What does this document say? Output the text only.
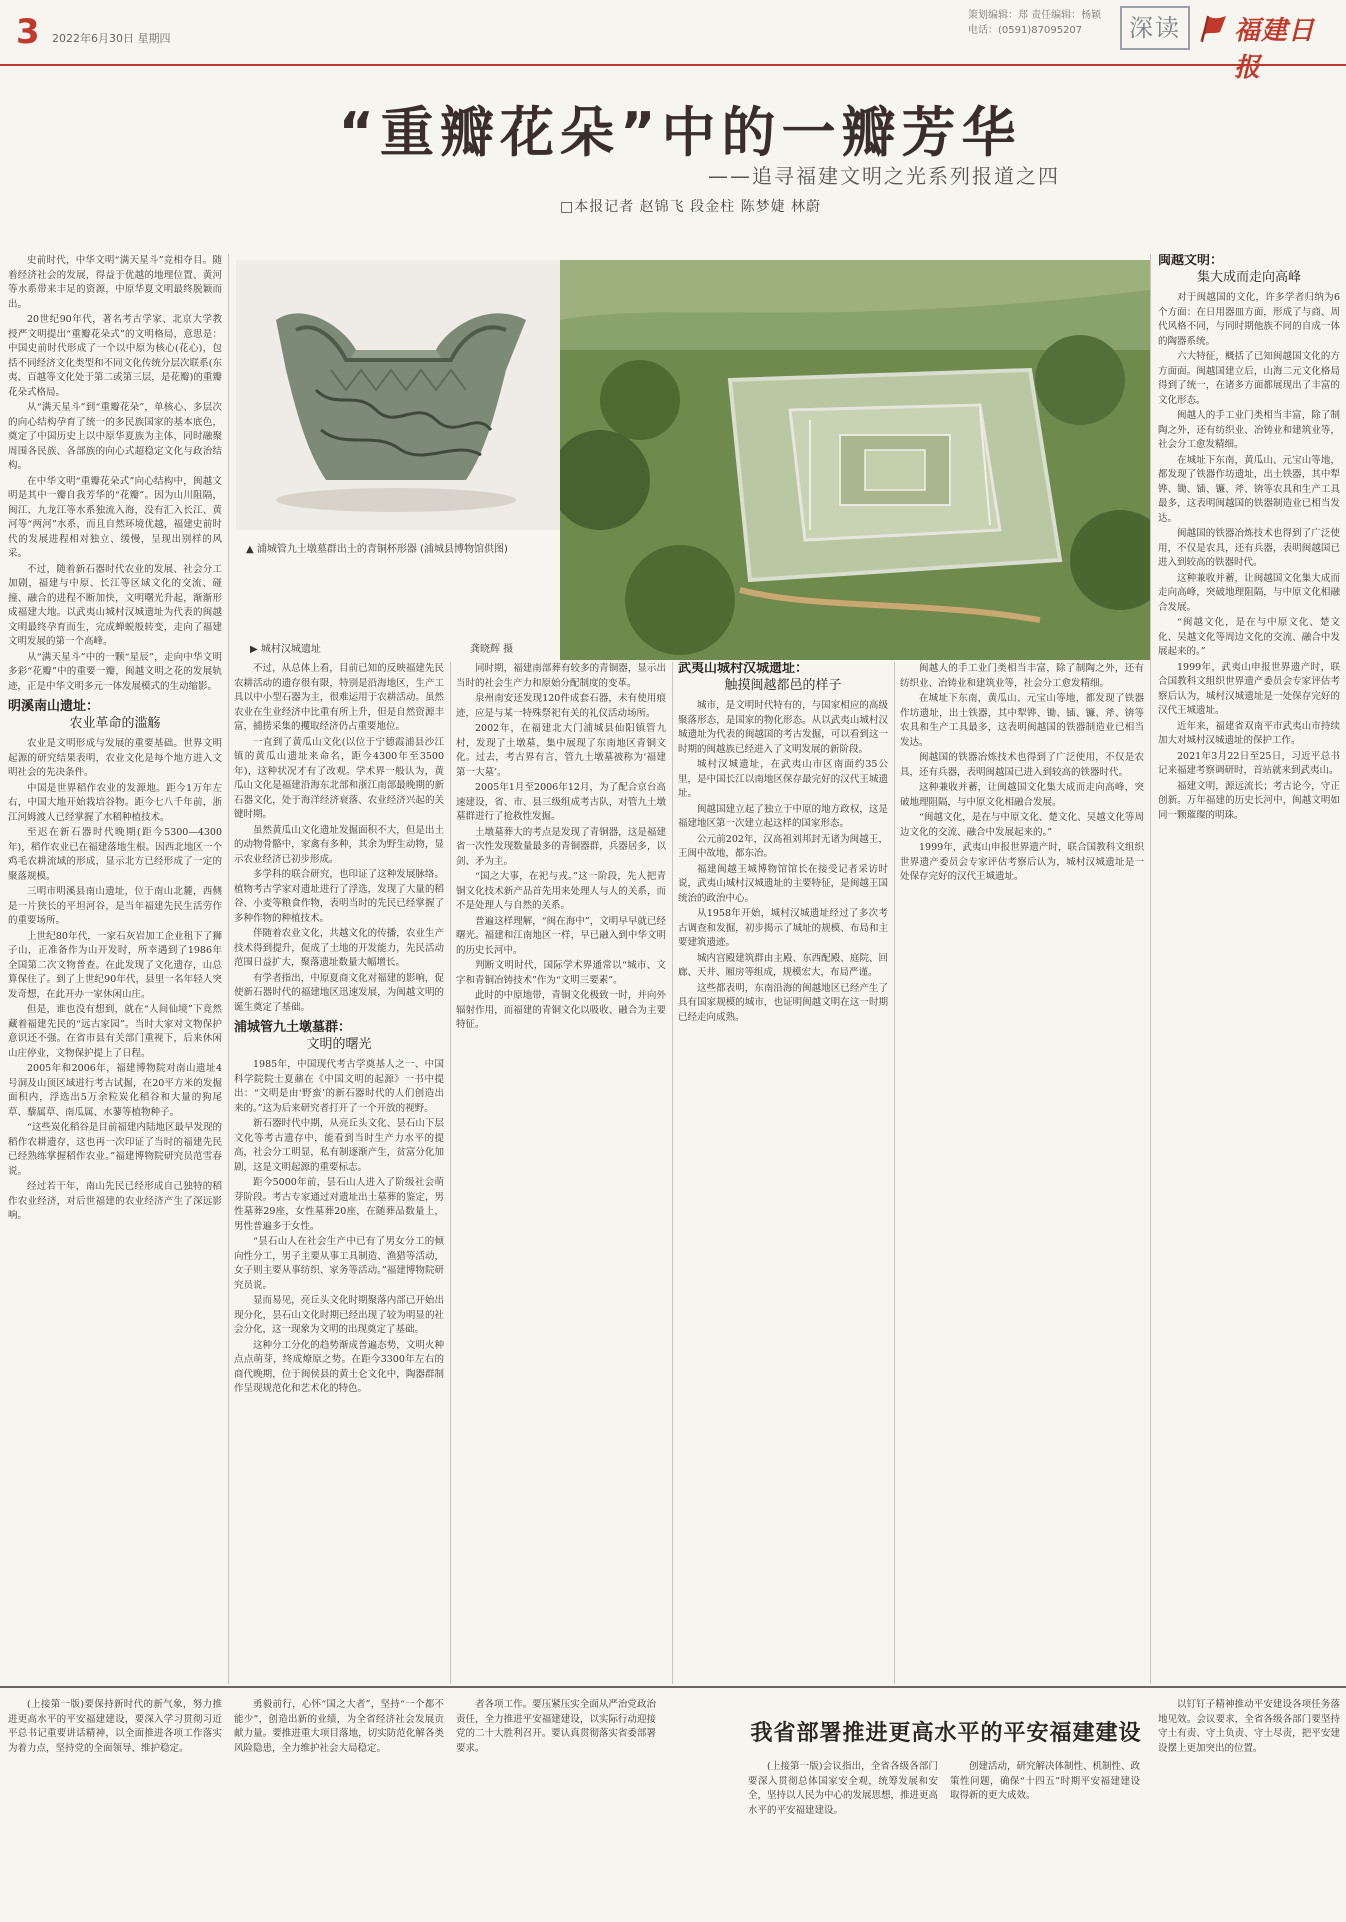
3 2022年6月30日 星期四
策划编辑：郑 责任编辑：杨颖
电话：(0591)87095207	深读	福建日报
“重瓣花朵”中的一瓣芳华
——追寻福建文明之光系列报道之四
□本报记者 赵锦飞 段金柱 陈梦婕 林蔚
▲ 浦城管九土墩墓群出土的青铜杯形器 (浦城县博物馆供图)
▶ 城村汉城遗址	龚晓辉 摄

史前时代，中华文明“满天星斗”竞相夺目。随着经济社会的发展，得益于优越的地理位置、黄河等水系带来丰足的资源，中原华夏文明最终脱颖而出。

20世纪90年代，著名考古学家、北京大学教授严文明提出“重瓣花朵式”的文明格局，意思是：中国史前时代形成了一个以中原为核心(花心)，包括不同经济文化类型和不同文化传统分层次联系(东夷、百越等文化处于第二或第三层，是花瓣)的重瓣花朵式格局。

从“满天星斗”到“重瓣花朵”，单核心、多层次的向心结构孕育了统一的多民族国家的基本底色，奠定了中国历史上以中原华夏族为主体，同时融聚周围各民族、各部族的向心式超稳定文化与政治结构。

在中华文明“重瓣花朵式”向心结构中，闽越文明是其中一瓣自我芳华的“花瓣”。因为山川阻隔，闽江、九龙江等水系独流入海，没有汇入长江、黄河等“两河”水系，而且自然环境优越，福建史前时代的发展进程相对独立、缓慢，呈现出别样的风采。

不过，随着新石器时代农业的发展、社会分工加剧，福建与中原、长江等区域文化的交流、碰撞、融合的进程不断加快，文明曙光升起，渐渐形成福建大地。以武夷山城村汉城遗址为代表的闽越文明最终孕育而生，完成蝉蜕般转变，走向了福建文明发展的第一个高峰。

从“满天星斗”中的一颗“星辰”，走向中华文明多彩“花瓣”中的重要一瓣，闽越文明之花的发展轨迹，正是中华文明多元一体发展模式的生动缩影。

明溪南山遗址：
农业革命的滥觞

农业是文明形成与发展的重要基础。世界文明起源的研究结果表明，农业文化是每个地方进入文明社会的先决条件。

中国是世界稻作农业的发源地。距今1万年左右，中国大地开始栽培谷物。距今七八千年前，浙江河姆渡人已经掌握了水稻种植技术。

至迟在新石器时代晚期(距今5300—4300年)，稻作农业已在福建落地生根。因西北地区一个鸡毛农耕流域的形成，显示北方已经形成了一定的聚落规模。

三明市明溪县南山遗址，位于南山北麓，西侧是一片狭长的平坦河谷，是当年福建先民生活劳作的重要场所。

上世纪80年代，一家石灰岩加工企业租下了狮子山，正准备作为山开发时，所幸遇到了1986年全国第二次文物普查。在此发现了文化遗存，山总算保住了。到了上世纪90年代，县里一名年轻人突发奇想，在此开办一家休闲山庄。

但是，谁也没有想到，就在“人间仙境”下竟然藏着福建先民的“远古家园”。当时大家对文物保护意识还不强。在省市县有关部门重视下，后来休闲山庄停业，文物保护提上了日程。

2005年和2006年，福建博物院对南山遗址4号洞及山顶区域进行考古试掘，在20平方米的发掘面积内，浮选出5万余粒炭化稻谷和大量的狗尾草、藜属草、南瓜属、水蓼等植物种子。

“这些炭化稻谷是目前福建内陆地区最早发现的稻作农耕遗存，这也再一次印证了当时的福建先民已经熟练掌握稻作农业。”福建博物院研究员范雪春说。

经过若干年，南山先民已经形成自己独特的稻作农业经济，对后世福建的农业经济产生了深远影响。

不过，从总体上看，目前已知的反映福建先民农耕活动的遗存很有限，特别是沿海地区，生产工具以中小型石器为主，很难运用于农耕活动。虽然农业在生业经济中比重有所上升，但是自然资源丰富，捕捞采集的攫取经济仍占重要地位。

一直到了黄瓜山文化(以位于宁德霞浦县沙江镇的黄瓜山遗址来命名，距今4300年至3500年)，这种状况才有了改观。学术界一般认为，黄瓜山文化是福建沿海东北部和浙江南部最晚期的新石器文化，处于海洋经济衰落、农业经济兴起的关键时期。

虽然黄瓜山文化遗址发掘面积不大，但是出土的动物骨骼中，家禽有多种，其余为野生动物，显示农业经济已初步形成。

多学科的联合研究，也印证了这种发展脉络。植物考古学家对遗址进行了浮选，发现了大量的稻谷、小麦等粮食作物，表明当时的先民已经掌握了多种作物的种植技术。

伴随着农业文化，共越文化的传播，农业生产技术得到提升，促成了土地的开发能力，先民活动范围日益扩大，聚落遗址数量大幅增长。

有学者指出，中原夏商文化对福建的影响，促使新石器时代的福建地区迅速发展，为闽越文明的诞生奠定了基础。

浦城管九土墩墓群：
文明的曙光

1985年，中国现代考古学奠基人之一、中国科学院院士夏鼐在《中国文明的起源》一书中提出：“文明是由‘野蛮’的新石器时代的人们创造出来的。”这为后来研究者打开了一个开放的视野。

新石器时代中期，从亮丘头文化、昙石山下层文化等考古遗存中，能看到当时生产力水平的提高，社会分工明显，私有制逐渐产生，贫富分化加剧，这是文明起源的重要标志。

距今5000年前，昙石山人进入了阶级社会萌芽阶段。考古专家通过对遗址出土墓葬的鉴定，男性墓葬29座，女性墓葬20座，在随葬品数量上，男性普遍多于女性。

“昙石山人在社会生产中已有了男女分工的倾向性分工，男子主要从事工具制造、渔猎等活动，女子则主要从事纺织、家务等活动。”福建博物院研究员说。

显而易见，亮丘头文化时期聚落内部已开始出现分化，昙石山文化时期已经出现了较为明显的社会分化，这一现象为文明的出现奠定了基础。

这种分工分化的趋势渐成普遍态势，文明火种点点萌芽，终成燎原之势。在距今3300年左右的商代晚期，位于闽侯县的黄土仑文化中，陶器群制作呈现规范化和艺术化的特色。

同时期，福建南部葬有较多的青铜器，显示出当时的社会生产力和原始分配制度的变革。

泉州南安还发现120件成套石器，未有使用痕迹，应是与某一特殊祭祀有关的礼仪活动场所。

2002年，在福建北大门浦城县仙阳镇管九村，发现了土墩墓，集中展现了东南地区青铜文化。过去，考古界有言，管九土墩墓被称为‘福建第一大墓’。

2005年1月至2006年12月，为了配合京台高速建设，省、市、县三级组成考古队，对管九土墩墓群进行了抢救性发掘。

土墩墓葬大的考点是发现了青铜器，这是福建省一次性发现数量最多的青铜器群，兵器居多，以剑、矛为主。

“国之大事，在祀与戎。”这一阶段，先人把青铜文化技术新产品首先用来处理人与人的关系，而不是处理人与自然的关系。

普遍这样理解，“闽在海中”，文明早早就已经曙光。福建和江南地区一样，早已融入到中华文明的历史长河中。

判断文明时代，国际学术界通常以“城市、文字和青铜冶铸技术”作为“文明三要素”。

此时的中原地带，青铜文化极致一时，并向外辐射作用，而福建的青铜文化以吸收、融合为主要特征。

武夷山城村汉城遗址：
触摸闽越都邑的样子

城市，是文明时代特有的，与国家相应的高级聚落形态，是国家的物化形态。从以武夷山城村汉城遗址为代表的闽越国的考古发掘，可以看到这一时期的闽越族已经进入了文明发展的新阶段。

城村汉城遗址，在武夷山市区南面约35公里，是中国长江以南地区保存最完好的汉代王城遗址。

闽越国建立起了独立于中原的地方政权，这是福建地区第一次建立起这样的国家形态。

公元前202年，汉高祖刘邦封无诸为闽越王，王闽中故地，都东冶。

福建闽越王城博物馆馆长在接受记者采访时说，武夷山城村汉城遗址的主要特征，是闽越王国统治的政治中心。

从1958年开始，城村汉城遗址经过了多次考古调查和发掘，初步揭示了城址的规模、布局和主要建筑遗迹。

城内宫殿建筑群由主殿、东西配殿、庭院、回廊、天井、厢房等组成，规模宏大，布局严谨。

这些都表明，东南沿海的闽越地区已经产生了具有国家规模的城市，也证明闽越文明在这一时期已经走向成熟。

闽越文明：
集大成而走向高峰

对于闽越国的文化，许多学者归纳为6个方面：在日用器皿方面，形成了与商、周代风格不同，与同时期他族不同的自成一体的陶器系统。

六大特征，概括了已知闽越国文化的方方面面。闽越国建立后，山海二元文化格局得到了统一，在诸多方面都展现出了丰富的文化形态。

闽越人的手工业门类相当丰富，除了制陶之外，还有纺织业、冶铸业和建筑业等，社会分工愈发精细。

在城址下东南，黄瓜山、元宝山等地，都发现了铁器作坊遗址，出土铁器，其中犁铧、锄、锸、镰、斧、锛等农具和生产工具最多，这表明闽越国的铁器制造业已相当发达。

闽越国的铁器冶炼技术也得到了广泛使用，不仅是农具，还有兵器，表明闽越国已进入到较高的铁器时代。

这种兼收并蓄，让闽越国文化集大成而走向高峰，突破地理阻隔，与中原文化相融合发展。

“闽越文化，是在与中原文化、楚文化、吴越文化等周边文化的交流、融合中发展起来的。”

1999年，武夷山申报世界遗产时，联合国教科文组织世界遗产委员会专家评估考察后认为，城村汉城遗址是一处保存完好的汉代王城遗址。

近年来，福建省双南平市武夷山市持续加大对城村汉城遗址的保护工作。

2021年3月22日至25日，习近平总书记来福建考察调研时，首站就来到武夷山。

福建文明，源远流长；考古论今，守正创新。万年福建的历史长河中，闽越文明如同一颗璀璨的明珠。

闽越人的手工业门类相当丰富，除了制陶之外，还有纺织业、冶铸业和建筑业等，社会分工愈发精细。

在城址下东南，黄瓜山、元宝山等地，都发现了铁器作坊遗址，出土铁器，其中犁铧、锄、锸、镰、斧、锛等农具和生产工具最多，这表明闽越国的铁器制造业已相当发达。

闽越国的铁器冶炼技术也得到了广泛使用，不仅是农具，还有兵器，表明闽越国已进入到较高的铁器时代。

这种兼收并蓄，让闽越国文化集大成而走向高峰，突破地理阻隔，与中原文化相融合发展。

“闽越文化，是在与中原文化、楚文化、吴越文化等周边文化的交流、融合中发展起来的。”

1999年，武夷山申报世界遗产时，联合国教科文组织世界遗产委员会专家评估考察后认为，城村汉城遗址是一处保存完好的汉代王城遗址。

(上接第一版)要保持新时代的新气象，努力推进更高水平的平安福建建设，要深入学习贯彻习近平总书记重要讲话精神，以全面推进各项工作落实为着力点，坚持党的全面领导、维护稳定。

勇毅前行，心怀“国之大者”，坚持“一个都不能少”，创造出新的业绩，为全省经济社会发展贡献力量。要推进重大项目落地，切实防范化解各类风险隐患，全力维护社会大局稳定。

者各项工作。要压紧压实全面从严治党政治责任，全力推进平安福建建设，以实际行动迎接党的二十大胜利召开。要认真贯彻落实省委部署要求。

我省部署推进更高水平的平安福建建设

(上接第一版)会议指出，全省各级各部门要深入贯彻总体国家安全观，统筹发展和安全，坚持以人民为中心的发展思想，推进更高水平的平安福建建设。

创建活动，研究解决体制性、机制性、政策性问题，确保“十四五”时期平安福建建设取得新的更大成效。

以钉钉子精神推动平安建设各项任务落地见效。会议要求，全省各级各部门要坚持守土有责、守土负责、守土尽责，把平安建设摆上更加突出的位置。
